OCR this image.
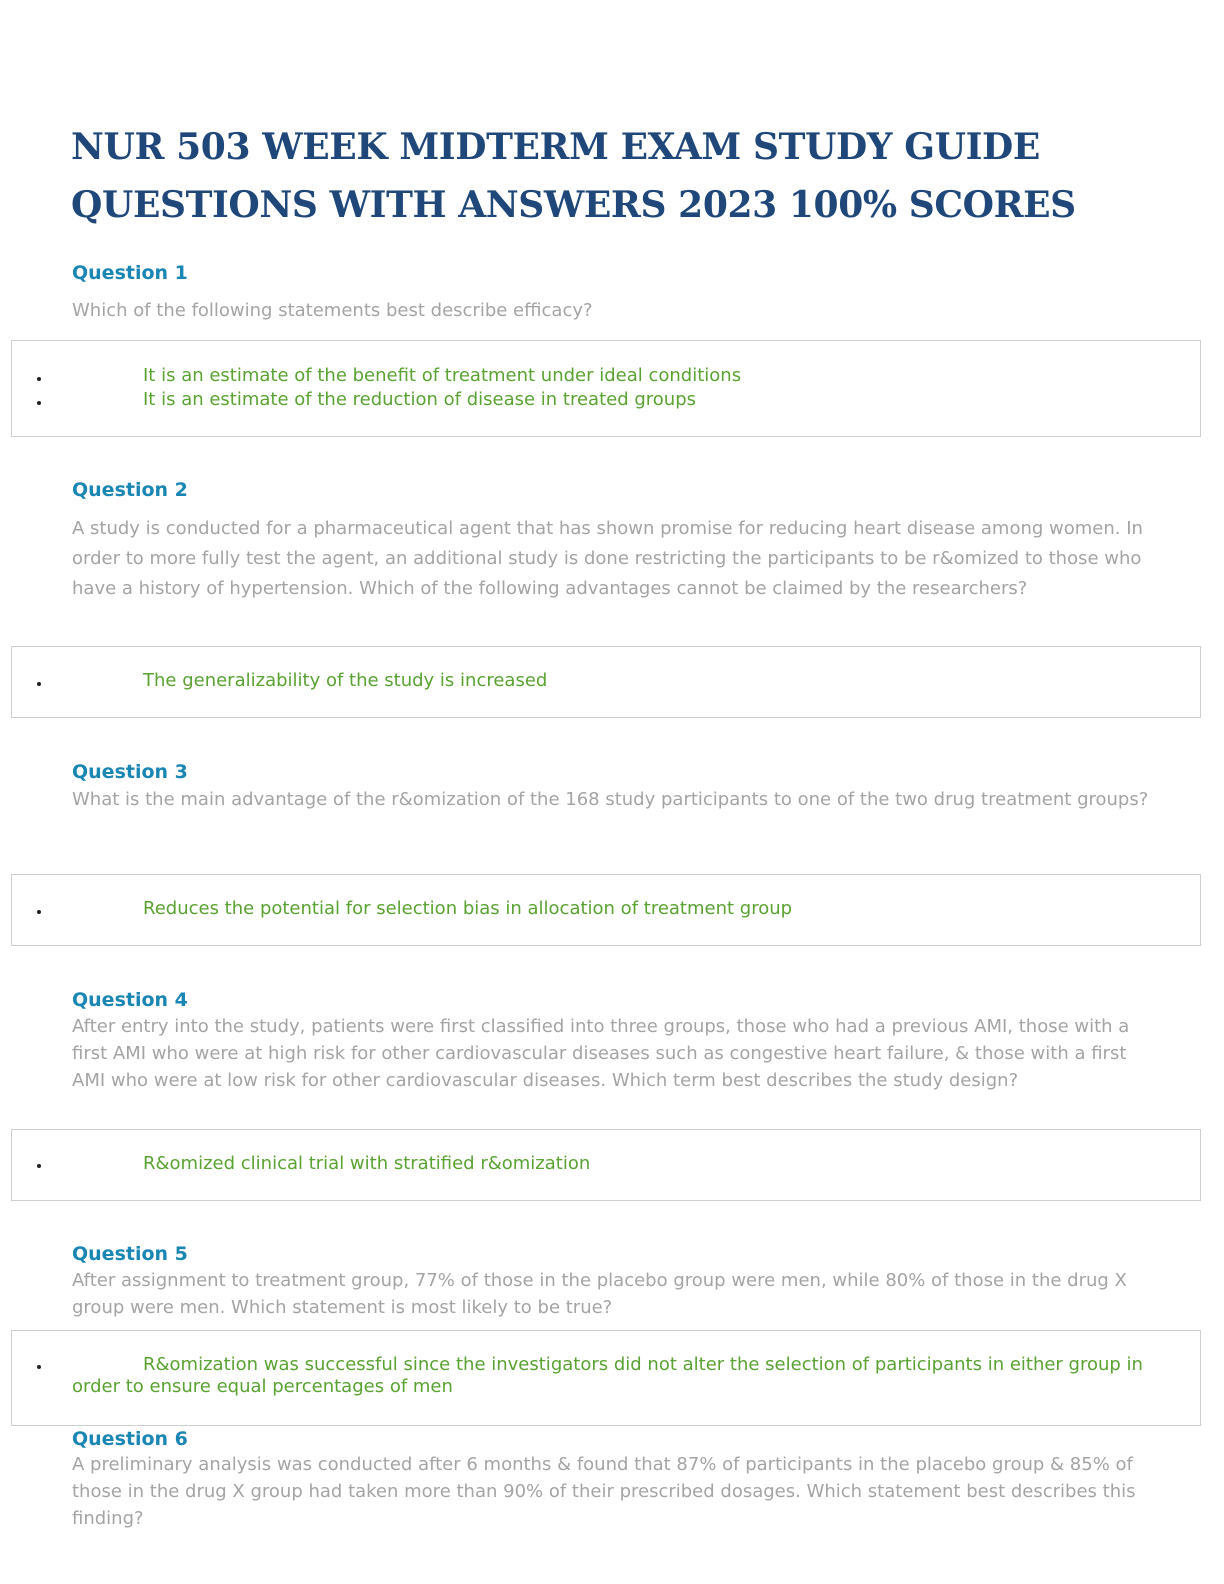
NUR 503 WEEK MIDTERM EXAM STUDY GUIDE
QUESTIONS WITH ANSWERS 2023 100% SCORES
Question 1

Which of the following statements best describe efficacy?

It is an estimate of the benefit of treatment under ideal conditions
It is an estimate of the reduction of disease in treated groups
Question 2

A study is conducted for a pharmaceutical agent that has shown promise for reducing heart disease among women. In order to more fully test the agent, an additional study is done restricting the participants to be r&omized to those who have a history of hypertension. Which of the following advantages cannot be claimed by the researchers?

The generalizability of the study is increased
Question 3

What is the main advantage of the r&omization of the 168 study participants to one of the two drug treatment groups?

Reduces the potential for selection bias in allocation of treatment group
Question 4

After entry into the study, patients were first classified into three groups, those who had a previous AMI, those with a first AMI who were at high risk for other cardiovascular diseases such as congestive heart failure, & those with a first AMI who were at low risk for other cardiovascular diseases. Which term best describes the study design?

R&omized clinical trial with stratified r&omization
Question 5

After assignment to treatment group, 77% of those in the placebo group were men, while 80% of those in the drug X group were men. Which statement is most likely to be true?

R&omization was successful since the investigators did not alter the selection of participants in either group in order to ensure equal percentages of men
Question 6

A preliminary analysis was conducted after 6 months & found that 87% of participants in the placebo group & 85% of those in the drug X group had taken more than 90% of their prescribed dosages. Which statement best describes this finding?
